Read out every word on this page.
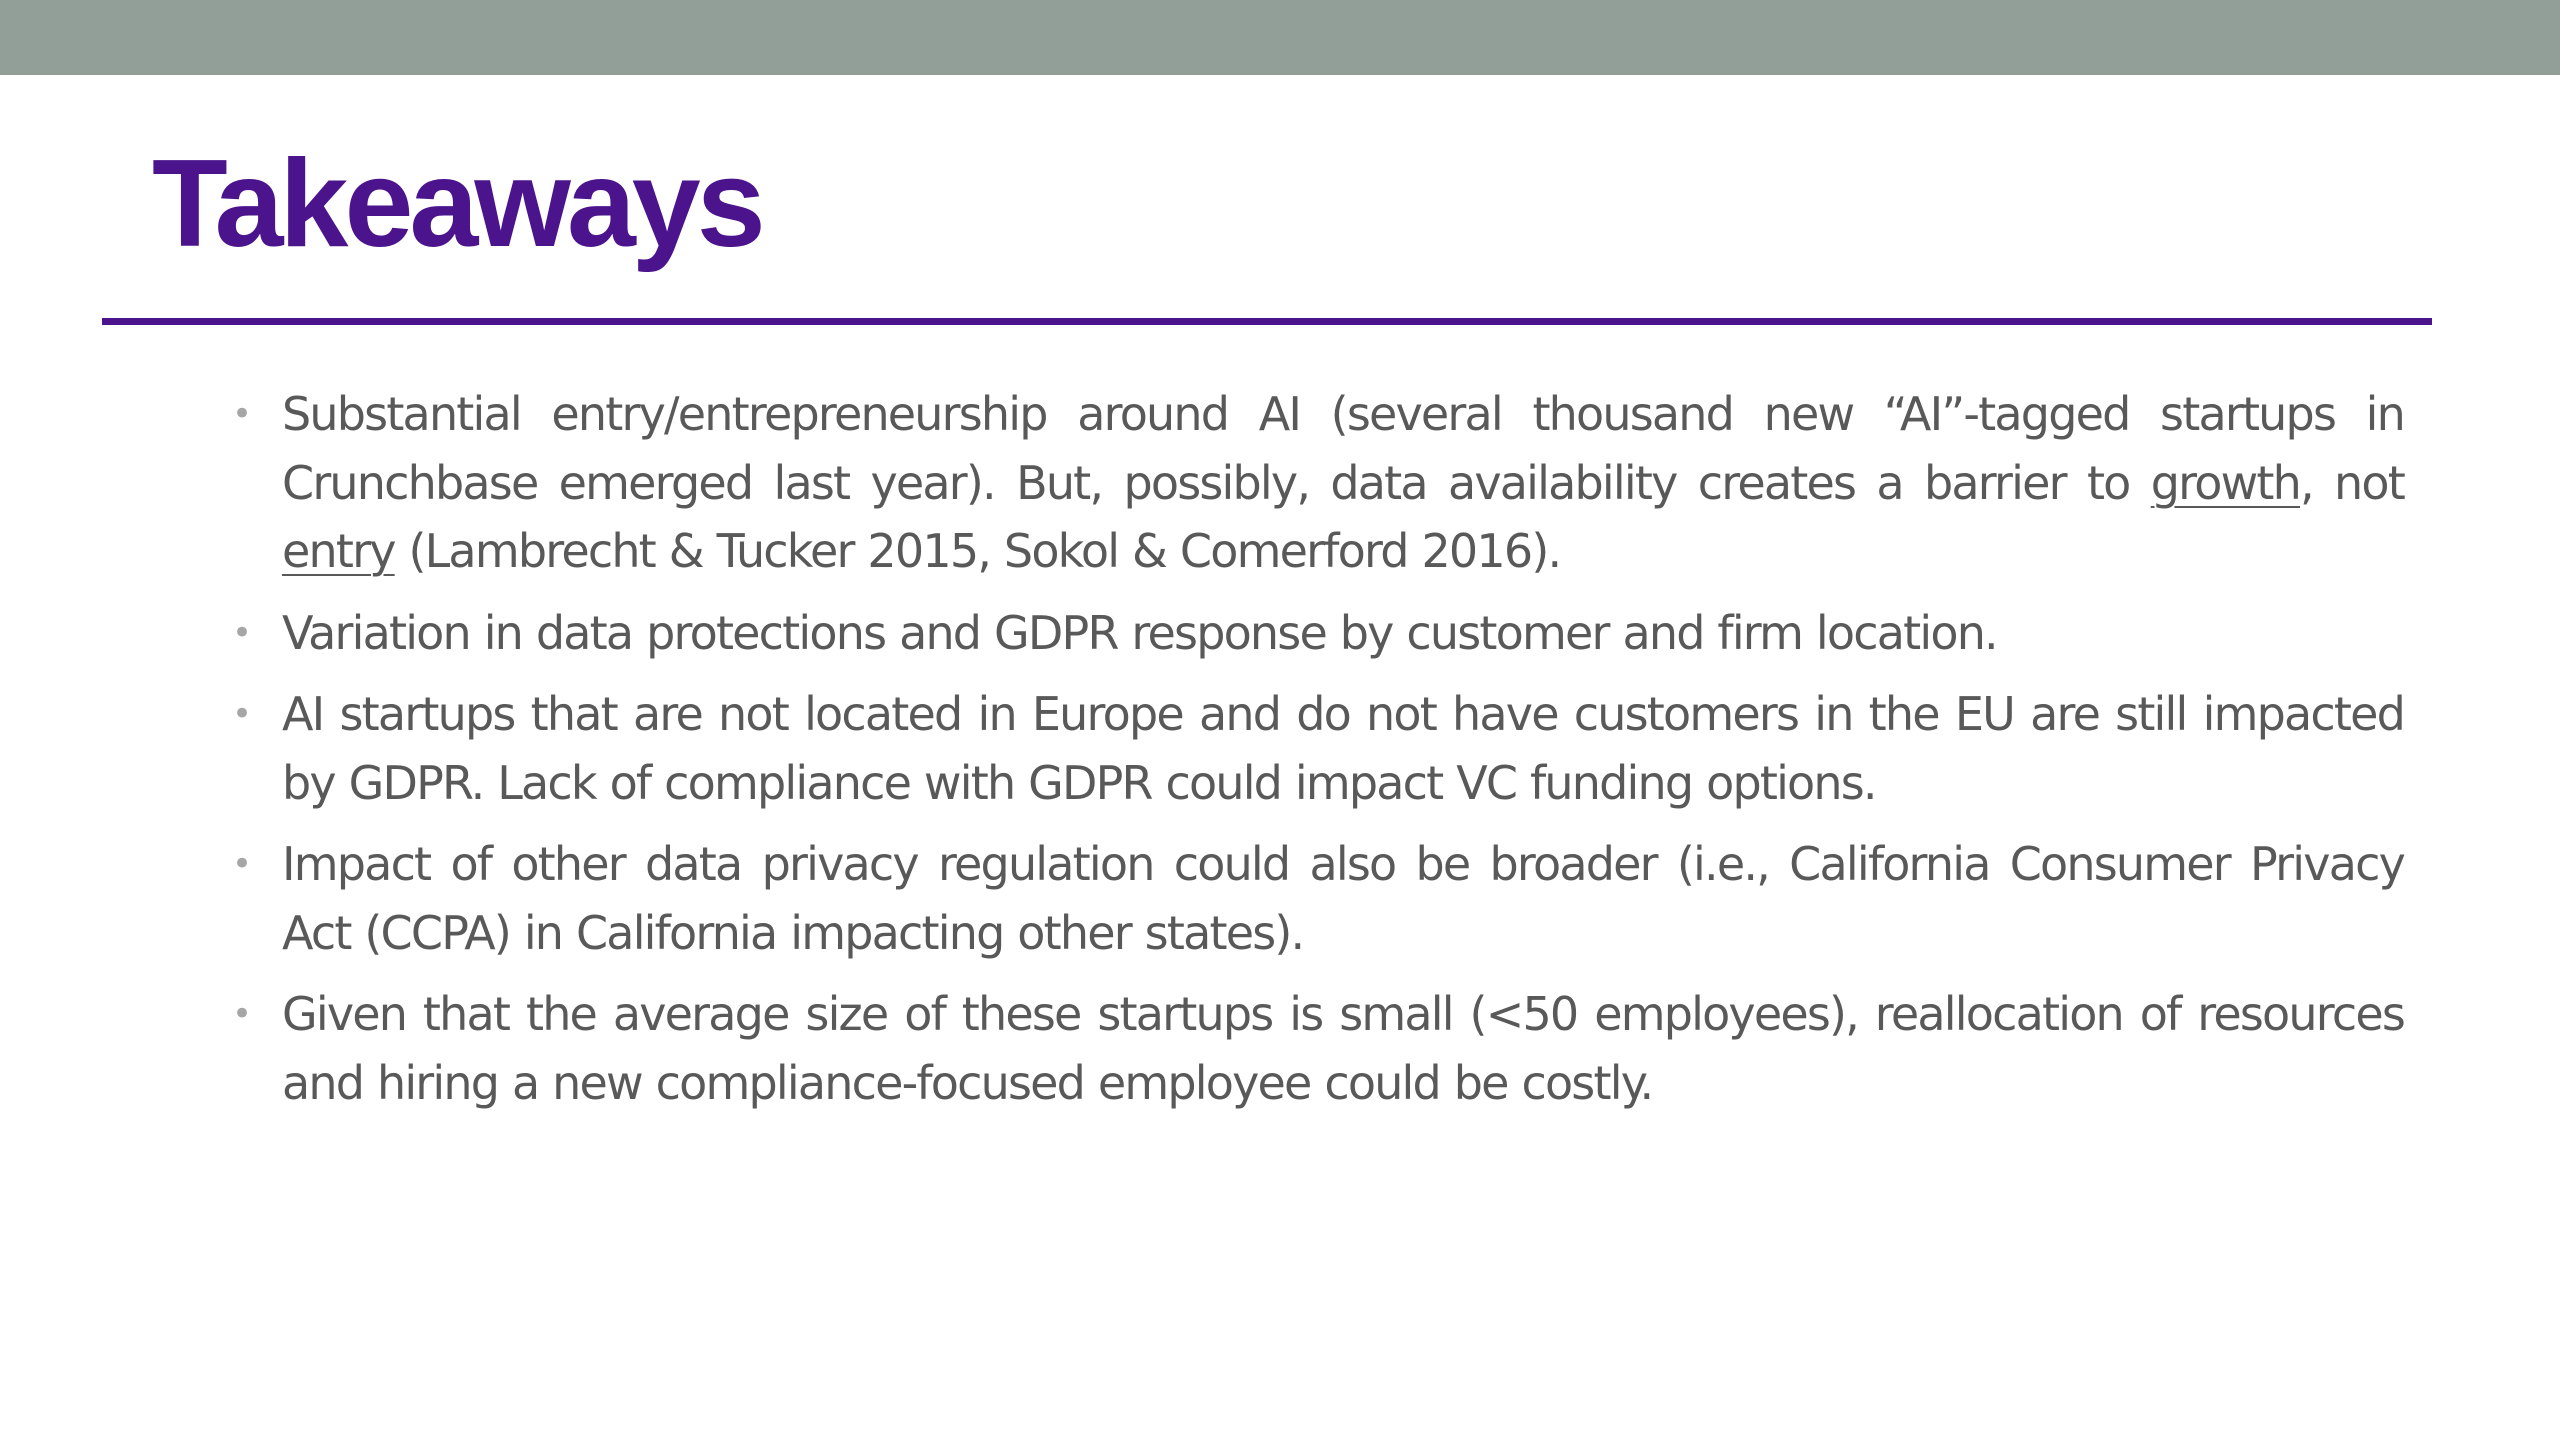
Takeaways
• Substantial entry/entrepreneurship around AI (several thousand new “AI”-tagged startups in Crunchbase emerged last year). But, possibly, data availability creates a barrier to growth, not entry (Lambrecht & Tucker 2015, Sokol & Comerford 2016).
• Variation in data protections and GDPR response by customer and firm location.
• AI startups that are not located in Europe and do not have customers in the EU are still impacted by GDPR. Lack of compliance with GDPR could impact VC funding options.
• Impact of other data privacy regulation could also be broader (i.e., California Consumer Privacy Act (CCPA) in California impacting other states).
• Given that the average size of these startups is small (<50 employees), reallocation of resources and hiring a new compliance-focused employee could be costly.
